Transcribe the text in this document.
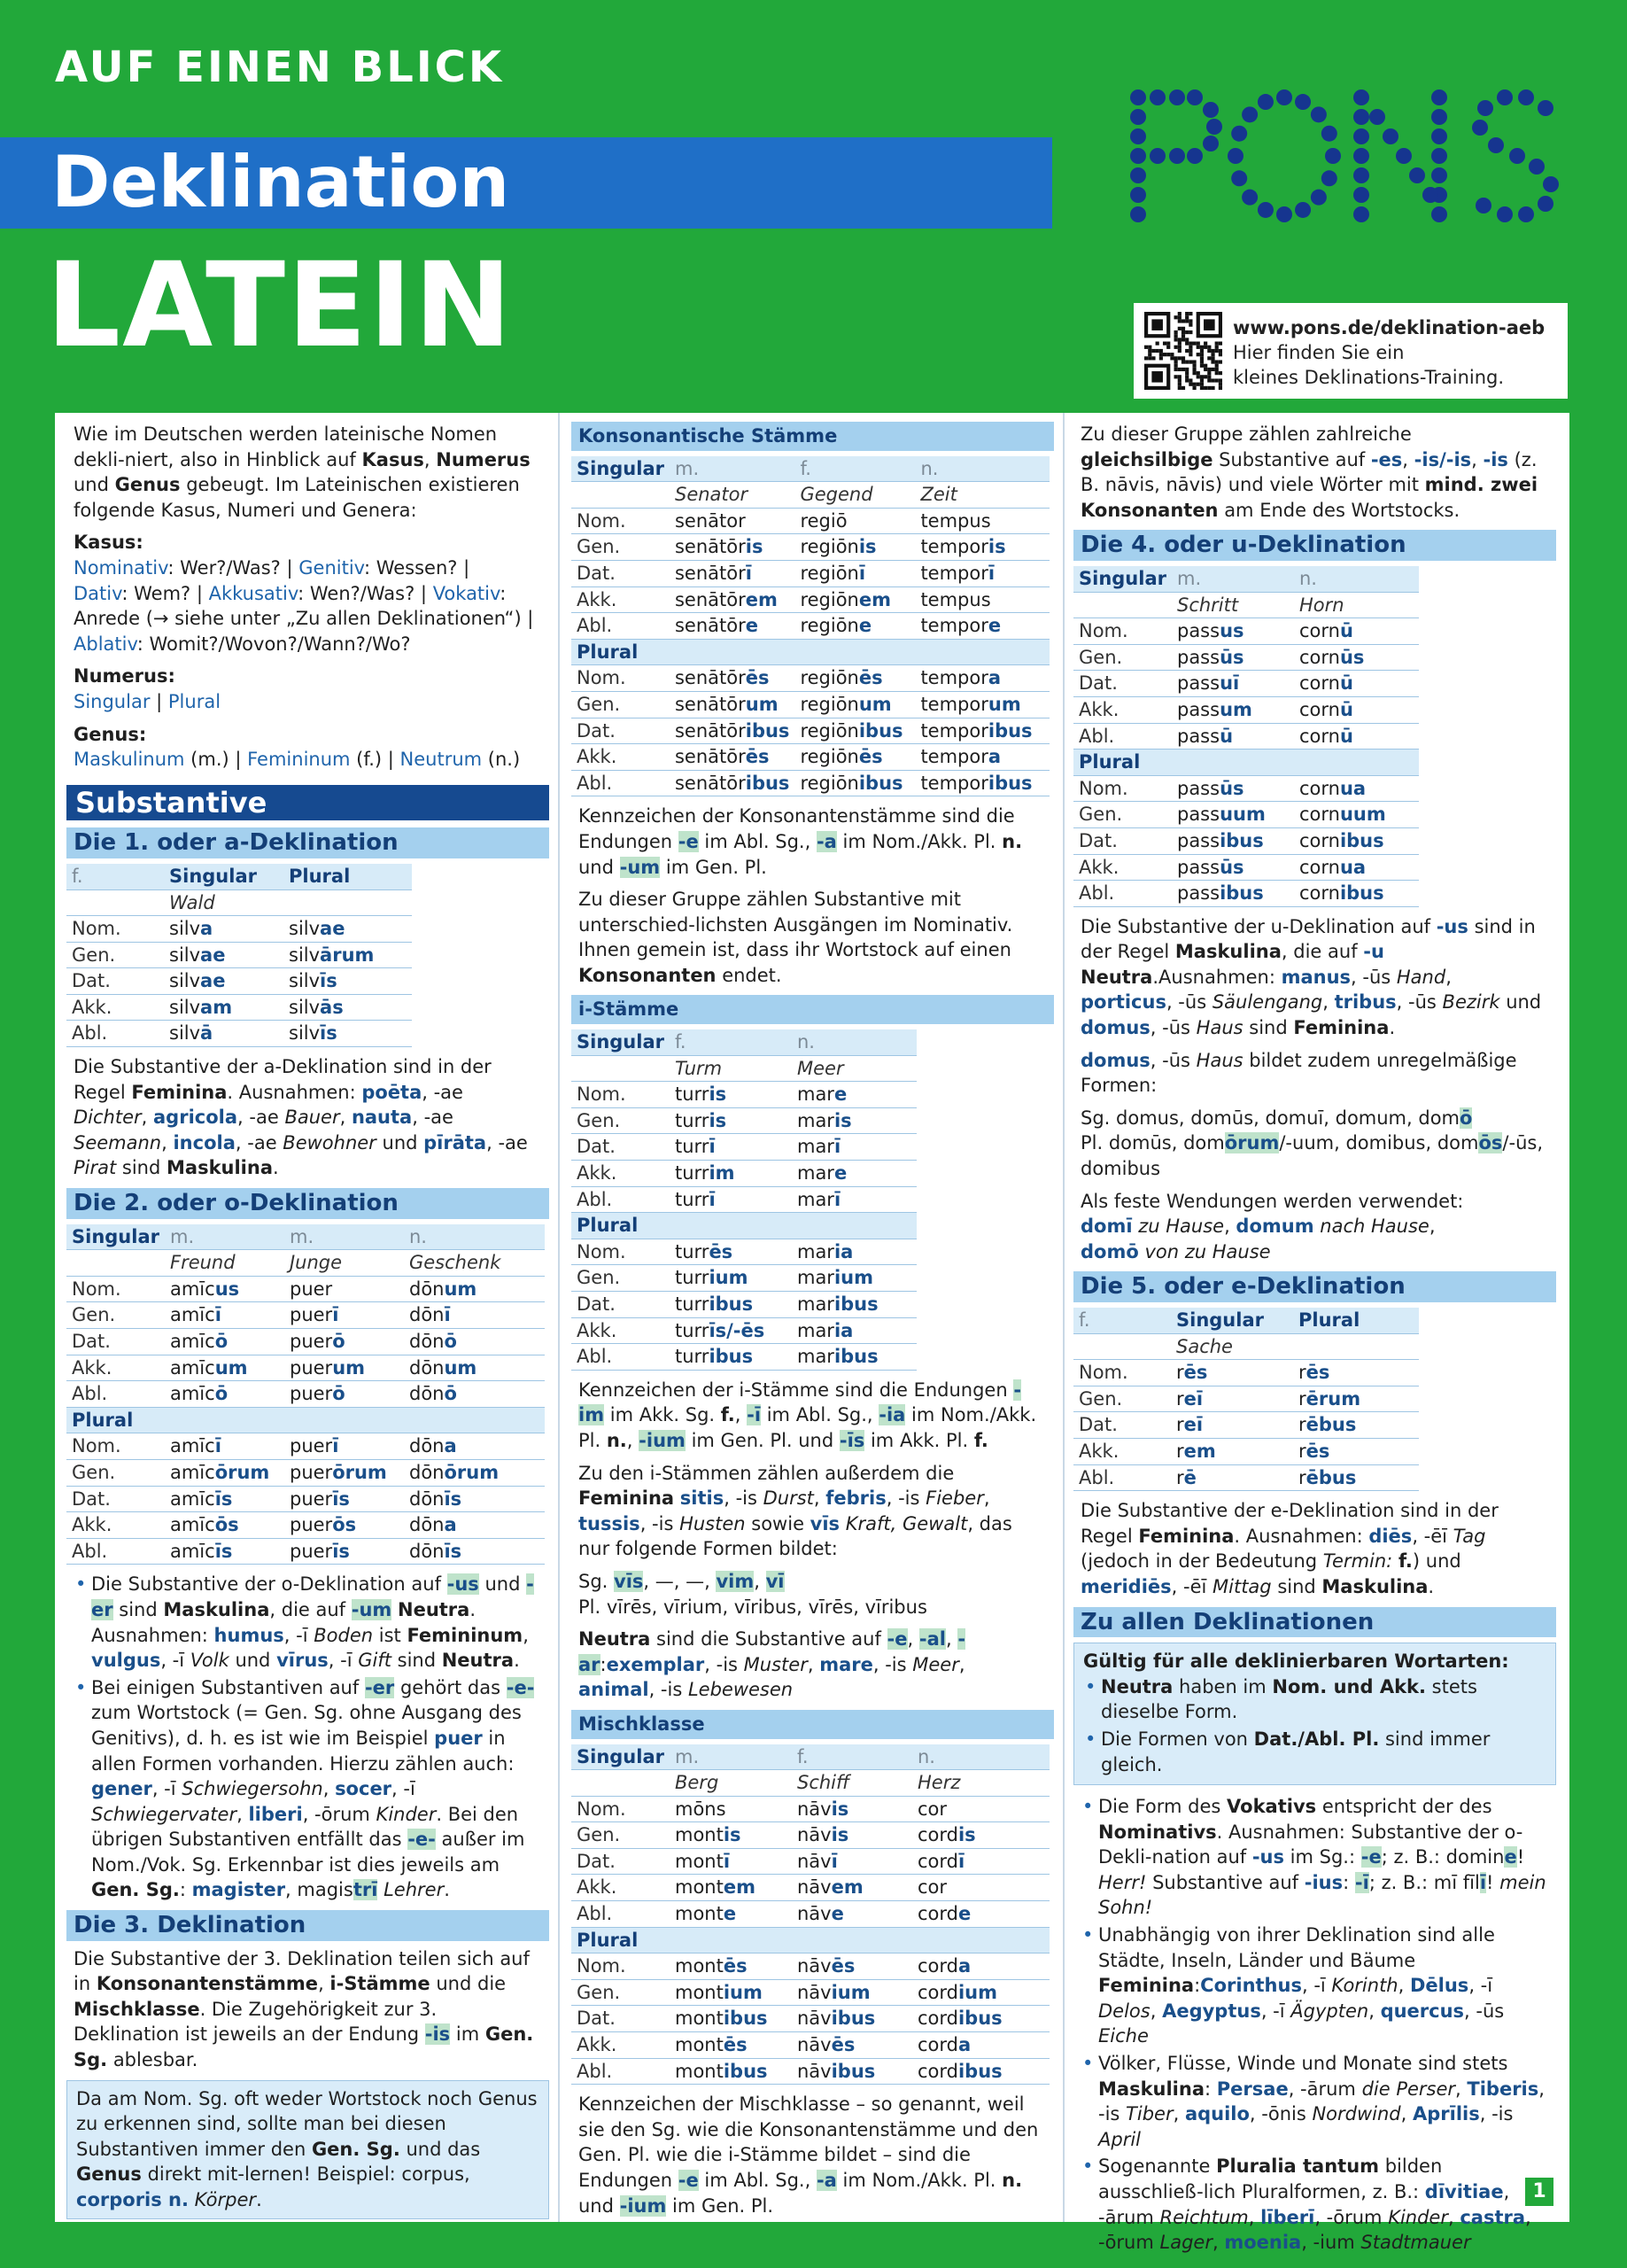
AUF EINEN BLICK
Deklination
LATEIN	www.pons.de/deklination-aeb
Hier finden Sie ein
kleines Deklinations-Training.

Wie im Deutschen werden lateinische Nomen dekli-niert, also in Hinblick auf Kasus, Numerus und Genus gebeugt. Im Lateinischen existieren folgende Kasus, Numeri und Genera:

Kasus:

Nominativ: Wer?/Was? | Genitiv: Wessen? |
Dativ: Wem? | Akkusativ: Wen?/Was? | Vokativ:
Anrede (→ siehe unter „Zu allen Deklinationen“) |
Ablativ: Womit?/Wovon?/Wann?/Wo?

Numerus:

Singular | Plural

Genus:

Maskulinum (m.) | Femininum (f.) | Neutrum (n.)

Substantive
Die 1. oder a-Deklination
f.	Singular	Plural
	Wald	
Nom.	silva	silvae
Gen.	silvae	silvārum
Dat.	silvae	silvīs
Akk.	silvam	silvās
Abl.	silvā	silvīs

Die Substantive der a-Deklination sind in der Regel Feminina. Ausnahmen: poēta, -ae Dichter, agricola, -ae Bauer, nauta, -ae Seemann, incola, -ae Bewohner und pīrāta, -ae Pirat sind Maskulina.

Die 2. oder o-Deklination
Singular	m.	m.	n.
	Freund	Junge	Geschenk
Nom.	amīcus	puer	dōnum
Gen.	amīcī	puerī	dōnī
Dat.	amīcō	puerō	dōnō
Akk.	amīcum	puerum	dōnum
Abl.	amīcō	puerō	dōnō
Plural			
Nom.	amīcī	puerī	dōna
Gen.	amīcōrum	puerōrum	dōnōrum
Dat.	amīcīs	puerīs	dōnīs
Akk.	amīcōs	puerōs	dōna
Abl.	amīcīs	puerīs	dōnīs
• Die Substantive der o-Deklination auf -us und -er sind Maskulina, die auf -um Neutra. Ausnahmen: humus, -ī Boden ist Femininum, vulgus, -ī Volk und vīrus, -ī Gift sind Neutra.
• Bei einigen Substantiven auf -er gehört das -e- zum Wortstock (= Gen. Sg. ohne Ausgang des Genitivs), d. h. es ist wie im Beispiel puer in allen Formen vorhanden. Hierzu zählen auch: gener, -ī Schwiegersohn, socer, -ī Schwiegervater, liberi, -ōrum Kinder. Bei den übrigen Substantiven entfällt das -e- außer im Nom./Vok. Sg. Erkennbar ist dies jeweils am Gen. Sg.: magister, magistrī Lehrer.
Die 3. Deklination

Die Substantive der 3. Deklination teilen sich auf in Konsonantenstämme, i-Stämme und die Mischklasse. Die Zugehörigkeit zur 3. Deklination ist jeweils an der Endung -is im Gen. Sg. ablesbar.

Da am Nom. Sg. oft weder Wortstock noch Genus zu erkennen sind, sollte man bei diesen Substantiven immer den Gen. Sg. und das Genus direkt mit-lernen! Beispiel: corpus, corporis n. Körper.

Konsonantische Stämme
Singular	m.	f.	n.
	Senator	Gegend	Zeit
Nom.	senātor	regiō	tempus
Gen.	senātōris	regiōnis	temporis
Dat.	senātōrī	regiōnī	temporī
Akk.	senātōrem	regiōnem	tempus
Abl.	senātōre	regiōne	tempore
Plural			
Nom.	senātōrēs	regiōnēs	tempora
Gen.	senātōrum	regiōnum	temporum
Dat.	senātōribus	regiōnibus	temporibus
Akk.	senātōrēs	regiōnēs	tempora
Abl.	senātōribus	regiōnibus	temporibus

Kennzeichen der Konsonantenstämme sind die Endungen -e im Abl. Sg., -a im Nom./Akk. Pl. n. und -um im Gen. Pl.

Zu dieser Gruppe zählen Substantive mit unterschied-lichsten Ausgängen im Nominativ. Ihnen gemein ist, dass ihr Wortstock auf einen Konsonanten endet.

i-Stämme
Singular	f.	n.
	Turm	Meer
Nom.	turris	mare
Gen.	turris	maris
Dat.	turrī	marī
Akk.	turrim	mare
Abl.	turrī	marī
Plural		
Nom.	turrēs	maria
Gen.	turrium	marium
Dat.	turribus	maribus
Akk.	turrīs/-ēs	maria
Abl.	turribus	maribus

Kennzeichen der i-Stämme sind die Endungen -im im Akk. Sg. f., -ī im Abl. Sg., -ia im Nom./Akk. Pl. n., -ium im Gen. Pl. und -īs im Akk. Pl. f.

Zu den i-Stämmen zählen außerdem die Feminina sitis, -is Durst, febris, -is Fieber, tussis, -is Husten sowie vīs Kraft, Gewalt, das nur folgende Formen bildet:

Sg. vīs, —, —, vim, vī
Pl. vīrēs, vīrium, vīribus, vīrēs, vīribus

Neutra sind die Substantive auf -e, -al, -ar:exemplar, -is Muster, mare, -is Meer, animal, -is Lebewesen

Mischklasse
Singular	m.	f.	n.
	Berg	Schiff	Herz
Nom.	mōns	nāvis	cor
Gen.	montis	nāvis	cordis
Dat.	montī	nāvī	cordī
Akk.	montem	nāvem	cor
Abl.	monte	nāve	corde
Plural			
Nom.	montēs	nāvēs	corda
Gen.	montium	nāvium	cordium
Dat.	montibus	nāvibus	cordibus
Akk.	montēs	nāvēs	corda
Abl.	montibus	nāvibus	cordibus

Kennzeichen der Mischklasse – so genannt, weil sie den Sg. wie die Konsonantenstämme und den Gen. Pl. wie die i-Stämme bildet – sind die Endungen -e im Abl. Sg., -a im Nom./Akk. Pl. n. und -ium im Gen. Pl.

Zu dieser Gruppe zählen zahlreiche gleichsilbige Substantive auf -es, -is/-is, -is (z. B. nāvis, nāvis) und viele Wörter mit mind. zwei Konsonanten am Ende des Wortstocks.

Die 4. oder u-Deklination
Singular	m.	n.
	Schritt	Horn
Nom.	passus	cornū
Gen.	passūs	cornūs
Dat.	passuī	cornū
Akk.	passum	cornū
Abl.	passū	cornū
Plural		
Nom.	passūs	cornua
Gen.	passuum	cornuum
Dat.	passibus	cornibus
Akk.	passūs	cornua
Abl.	passibus	cornibus

Die Substantive der u-Deklination auf -us sind in der Regel Maskulina, die auf -u Neutra.Ausnahmen: manus, -ūs Hand, porticus, -ūs Säulengang, tribus, -ūs Bezirk und domus, -ūs Haus sind Feminina.

domus, -ūs Haus bildet zudem unregelmäßige Formen:

Sg. domus, domūs, domuī, domum, domō
Pl. domūs, domōrum/-uum, domibus, domōs/-ūs, domibus

Als feste Wendungen werden verwendet:
domī zu Hause, domum nach Hause,
domō von zu Hause

Die 5. oder e-Deklination
f.	Singular	Plural
	Sache	
Nom.	rēs	rēs
Gen.	reī	rērum
Dat.	reī	rēbus
Akk.	rem	rēs
Abl.	rē	rēbus

Die Substantive der e-Deklination sind in der Regel Feminina. Ausnahmen: diēs, -ēī Tag (jedoch in der Bedeutung Termin: f.) und meridiēs, -ēī Mittag sind Maskulina.

Zu allen Deklinationen

Gültig für alle deklinierbaren Wortarten:

• Neutra haben im Nom. und Akk. stets dieselbe Form.
• Die Formen von Dat./Abl. Pl. sind immer gleich.
• Die Form des Vokativs entspricht der des Nominativs. Ausnahmen: Substantive der o-Dekli-nation auf -us im Sg.: -e; z. B.: domine! Herr! Substantive auf -ius: -ī; z. B.: mī fīlī! mein Sohn!
• Unabhängig von ihrer Deklination sind alle Städte, Inseln, Länder und Bäume Feminina:Corinthus, -ī Korinth, Dēlus, -ī Delos, Aegyptus, -ī Ägypten, quercus, -ūs Eiche
• Völker, Flüsse, Winde und Monate sind stets Maskulina: Persae, -ārum die Perser, Tiberis, -is Tiber, aquilo, -ōnis Nordwind, Aprīlis, -is April
• Sogenannte Pluralia tantum bilden ausschließ-lich Pluralformen, z. B.: dīvitiae, -ārum Reichtum, līberī, -ōrum Kinder, castra, -ōrum Lager, moenia, -ium Stadtmauer
1
